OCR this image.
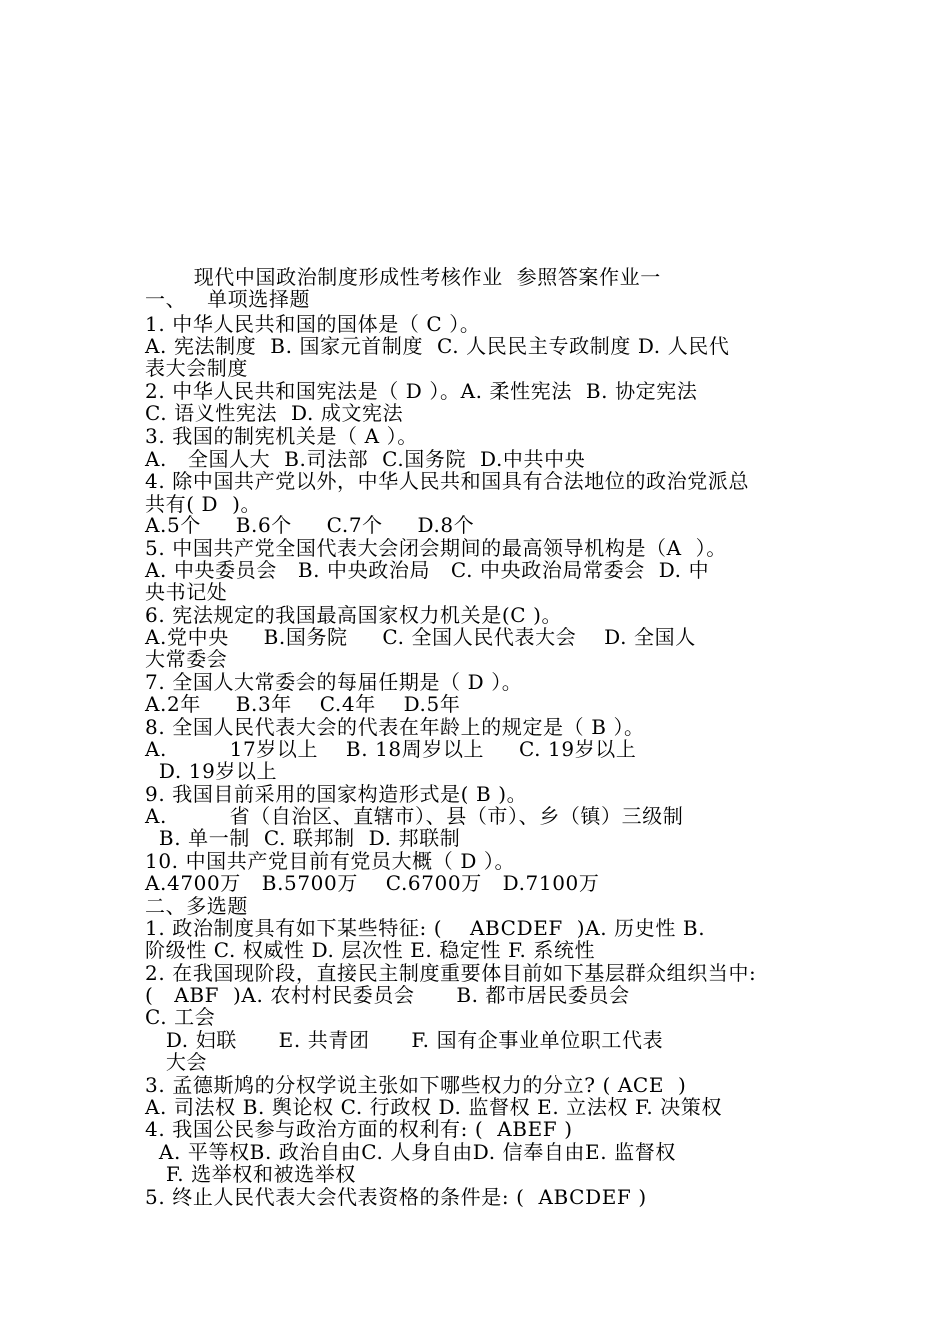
现代中国政治制度形成性考核作业  参照答案作业一
一、   单项选择题
1. 中华人民共和国的国体是（ C ）。
A. 宪法制度  B. 国家元首制度  C. 人民民主专政制度 D. 人民代
表大会制度
2. 中华人民共和国宪法是（ D ）。A. 柔性宪法  B. 协定宪法
C. 语义性宪法  D. 成文宪法
3. 我国的制宪机关是（ A ）。
A.   全国人大  B.司法部  C.国务院  D.中共中央
4. 除中国共产党以外，中华人民共和国具有合法地位的政治党派总
共有( D  )。
A.5个     B.6个     C.7个     D.8个
5. 中国共产党全国代表大会闭会期间的最高领导机构是（A  ）。
A. 中央委员会   B. 中央政治局   C. 中央政治局常委会  D. 中
央书记处
6. 宪法规定的我国最高国家权力机关是(C )。
A.党中央     B.国务院     C. 全国人民代表大会    D. 全国人
大常委会
7. 全国人大常委会的每届任期是（ D ）。
A.2年     B.3年    C.4年    D.5年
8. 全国人民代表大会的代表在年龄上的规定是（ B ）。
A.         17岁以上    B. 18周岁以上     C. 19岁以上
D. 19岁以上
9. 我国目前采用的国家构造形式是( B )。
A.         省（自治区、直辖市）、县（市）、乡（镇）三级制
B. 单一制  C. 联邦制  D. 邦联制
10. 中国共产党目前有党员大概（ D ）。
A.4700万   B.5700万    C.6700万   D.7100万
二、多选题
1. 政治制度具有如下某些特征: (    ABCDEF  )A. 历史性 B.
阶级性 C. 权威性 D. 层次性 E. 稳定性 F. 系统性
2. 在我国现阶段，直接民主制度重要体目前如下基层群众组织当中:
(   ABF  )A. 农村村民委员会      B. 都市居民委员会
C. 工会
D. 妇联      E. 共青团      F. 国有企事业单位职工代表
大会
3. 孟德斯鸠的分权学说主张如下哪些权力的分立? ( ACE  )
A. 司法权 B. 舆论权 C. 行政权 D. 监督权 E. 立法权 F. 决策权
4. 我国公民参与政治方面的权利有: (  ABEF )
A. 平等权B. 政治自由C. 人身自由D. 信奉自由E. 监督权
F. 选举权和被选举权
5. 终止人民代表大会代表资格的条件是: (  ABCDEF )
